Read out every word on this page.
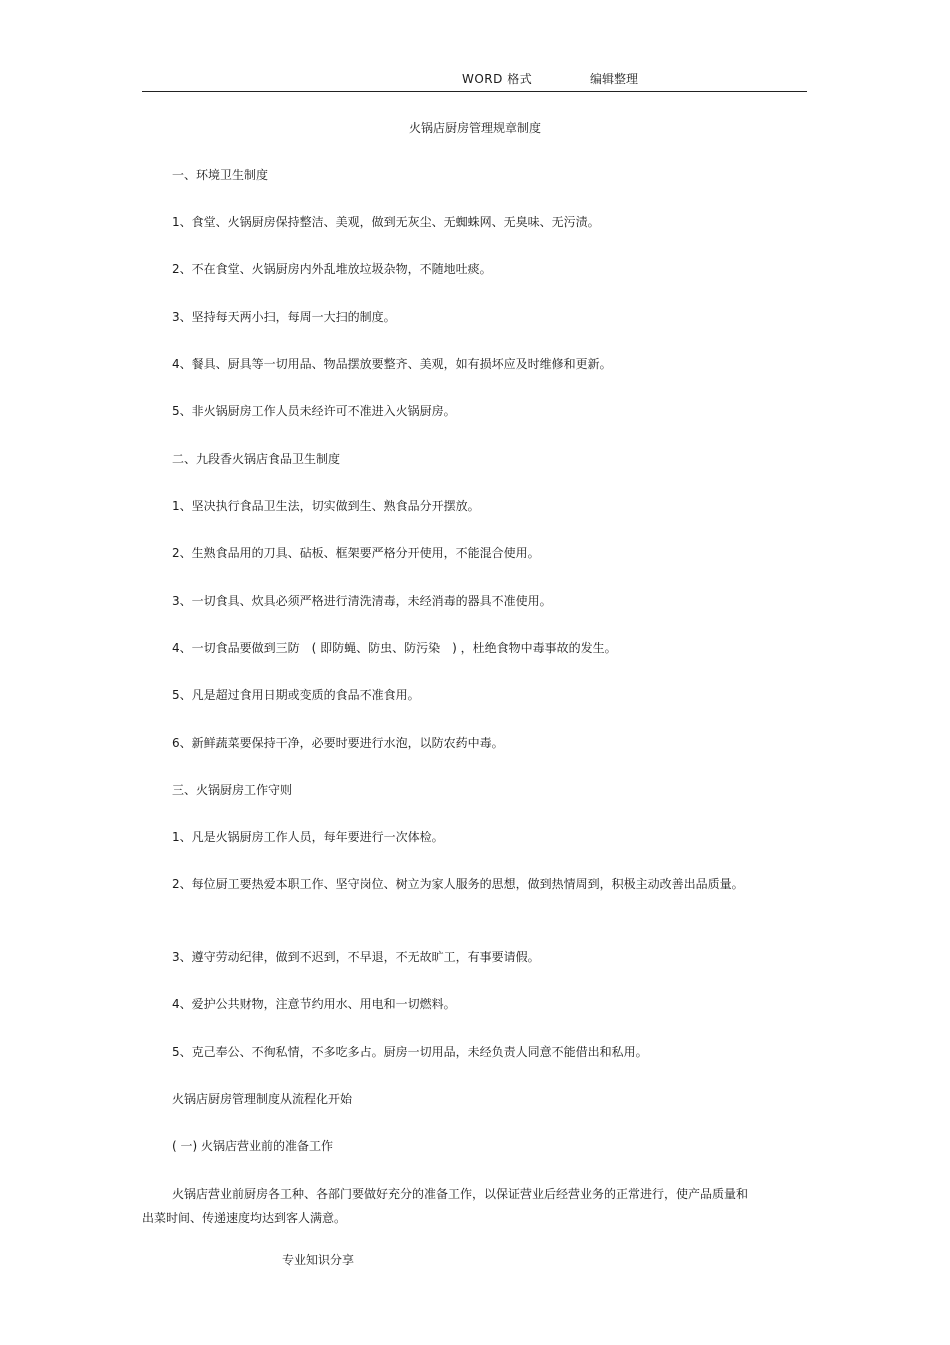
WORD 格式	编辑整理
火锅店厨房管理规章制度
一、环境卫生制度
1、食堂、火锅厨房保持整洁、美观，做到无灰尘、无蜘蛛网、无臭味、无污渍。
2、不在食堂、火锅厨房内外乱堆放垃圾杂物，不随地吐痰。
3、坚持每天两小扫，每周一大扫的制度。
4、餐具、厨具等一切用品、物品摆放要整齐、美观，如有损坏应及时维修和更新。
5、非火锅厨房工作人员未经许可不准进入火锅厨房。
二、九段香火锅店食品卫生制度
1、坚决执行食品卫生法，切实做到生、熟食品分开摆放。
2、生熟食品用的刀具、砧板、框架要严格分开使用，不能混合使用。
3、一切食具、炊具必须严格进行清洗清毒，未经消毒的器具不准使用。
4、一切食品要做到三防　( 即防蝇、防虫、防污染　) ，杜绝食物中毒事故的发生。
5、凡是超过食用日期或变质的食品不准食用。
6、新鲜蔬菜要保持干净，必要时要进行水泡，以防农药中毒。
三、火锅厨房工作守则
1、凡是火锅厨房工作人员，每年要进行一次体检。
2、每位厨工要热爱本职工作、坚守岗位、树立为家人服务的思想，做到热情周到，积极主动改善出品质量。
3、遵守劳动纪律，做到不迟到，不早退，不无故旷工，有事要请假。
4、爱护公共财物，注意节约用水、用电和一切燃料。
5、克己奉公、不徇私情，不多吃多占。厨房一切用品，未经负责人同意不能借出和私用。
火锅店厨房管理制度从流程化开始
( 一) 火锅店营业前的准备工作
火锅店营业前厨房各工种、各部门要做好充分的准备工作，以保证营业后经营业务的正常进行，使产品质量和出菜时间、传递速度均达到客人满意。
专业知识分享
